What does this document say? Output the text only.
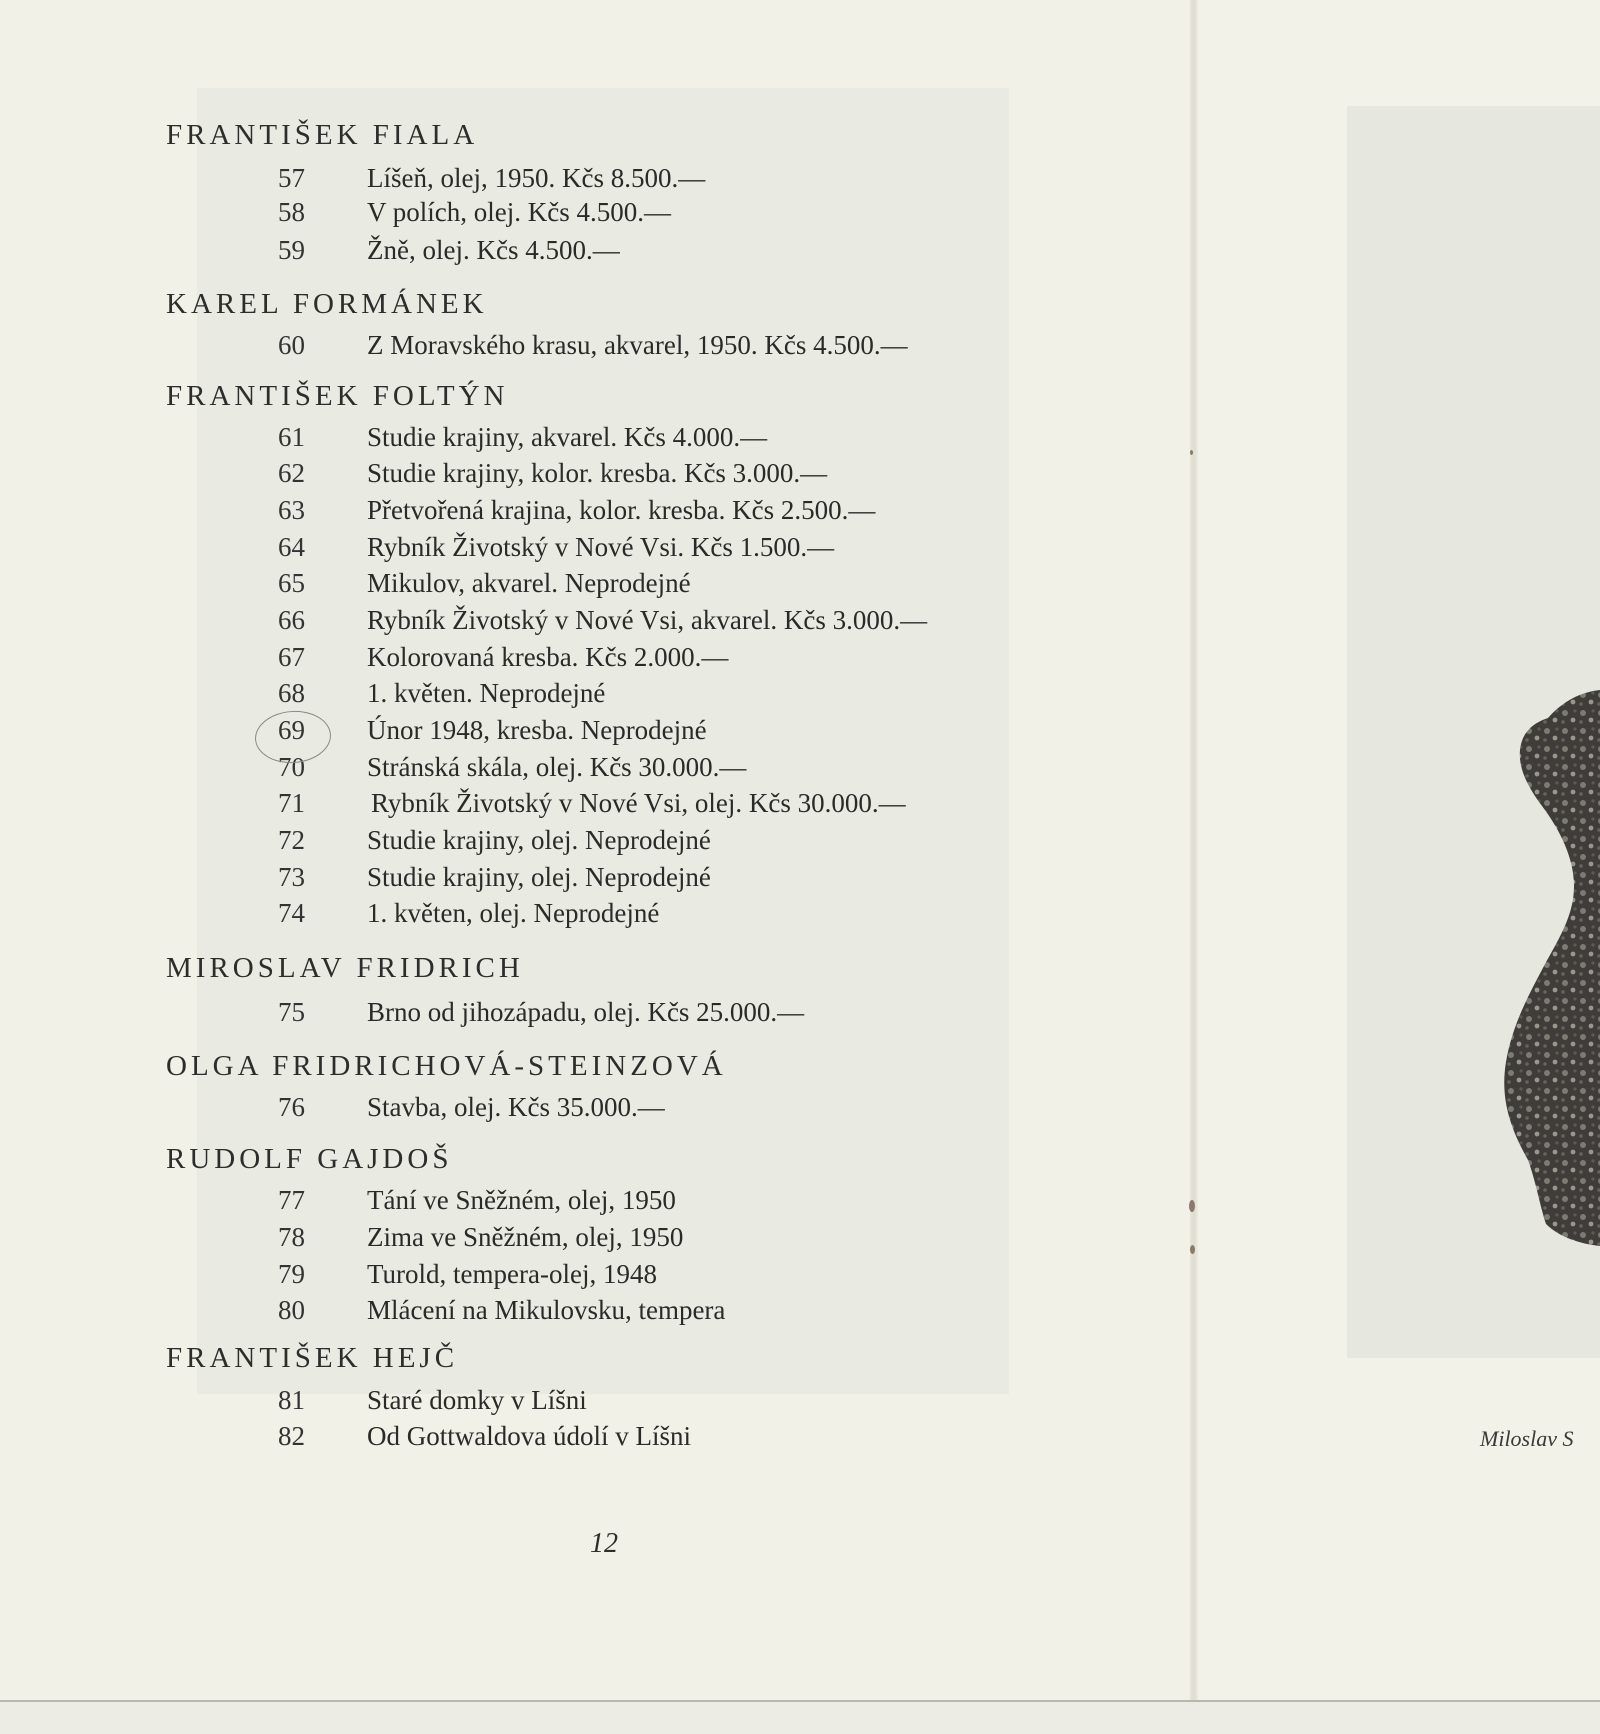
FRANTIŠEK FIALA
57	Líšeň, olej, 1950. Kčs 8.500.—
58	V polích, olej. Kčs 4.500.—
59	Žně, olej. Kčs 4.500.—
KAREL FORMÁNEK
60	Z Moravského krasu, akvarel, 1950. Kčs 4.500.—
FRANTIŠEK FOLTÝN
61	Studie krajiny, akvarel. Kčs 4.000.—
62	Studie krajiny, kolor. kresba. Kčs 3.000.—
63	Přetvořená krajina, kolor. kresba. Kčs 2.500.—
64	Rybník Životský v Nové Vsi. Kčs 1.500.—
65	Mikulov, akvarel. Neprodejné
66	Rybník Životský v Nové Vsi, akvarel. Kčs 3.000.—
67	Kolorovaná kresba. Kčs 2.000.—
68	1. květen. Neprodejné
69	Únor 1948, kresba. Neprodejné
70	Stránská skála, olej. Kčs 30.000.—
71	Rybník Životský v Nové Vsi, olej. Kčs 30.000.—
72	Studie krajiny, olej. Neprodejné
73	Studie krajiny, olej. Neprodejné
74	1. květen, olej. Neprodejné
MIROSLAV FRIDRICH
75	Brno od jihozápadu, olej. Kčs 25.000.—
OLGA FRIDRICHOVÁ-STEINZOVÁ
76	Stavba, olej. Kčs 35.000.—
RUDOLF GAJDOŠ
77	Tání ve Sněžném, olej, 1950
78	Zima ve Sněžném, olej, 1950
79	Turold, tempera-olej, 1948
80	Mlácení na Mikulovsku, tempera
FRANTIŠEK HEJČ
81	Staré domky v Líšni
82	Od Gottwaldova údolí v Líšni
12
Miloslav S
